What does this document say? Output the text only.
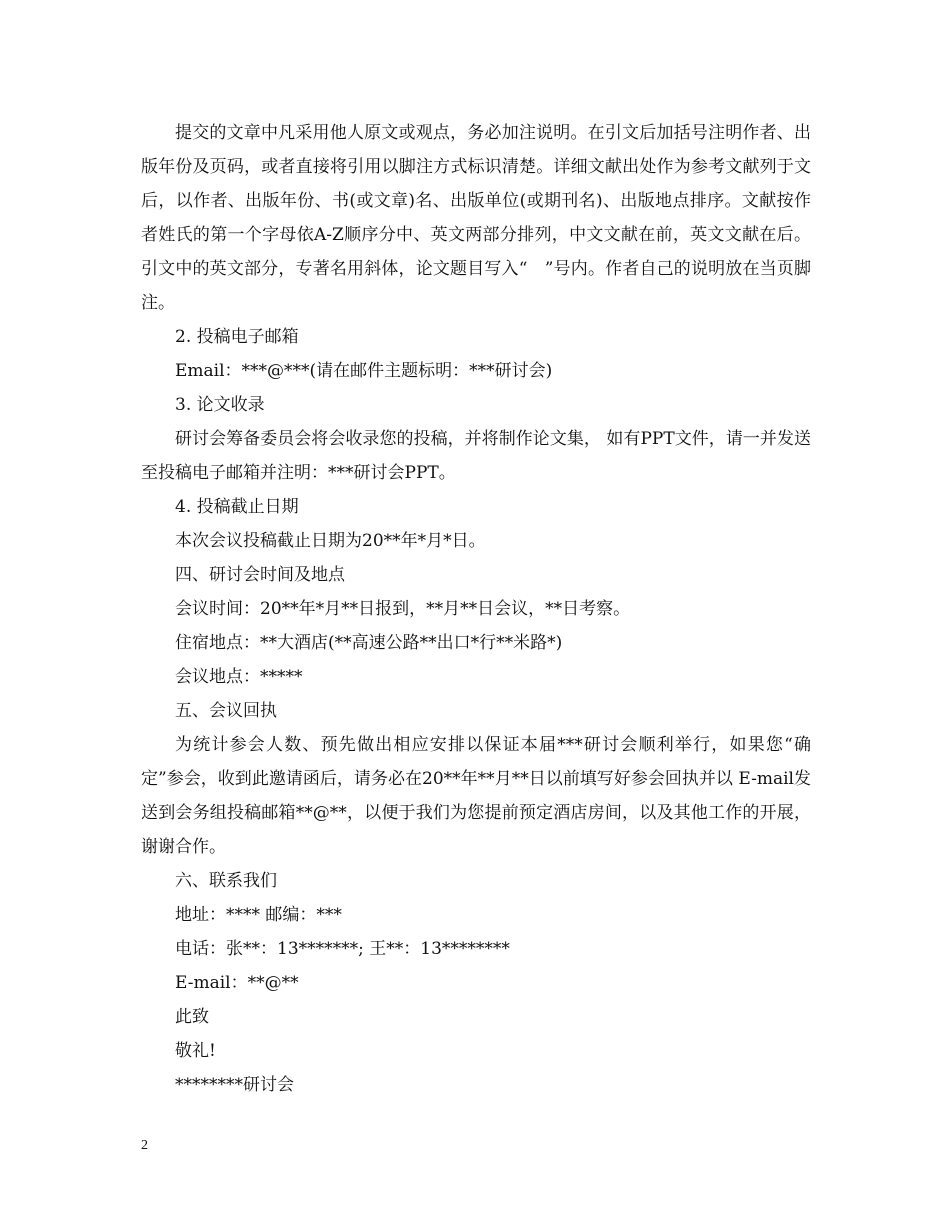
提交的文章中凡采用他人原文或观点，务必加注说明。在引文后加括号注明作者、出版年份及页码，或者直接将引用以脚注方式标识清楚。详细文献出处作为参考文献列于文后，以作者、出版年份、书(或文章)名、出版单位(或期刊名)、出版地点排序。文献按作者姓氏的第一个字母依A-Z顺序分中、英文两部分排列，中文文献在前，英文文献在后。引文中的英文部分，专著名用斜体，论文题目写入“　”号内。作者自己的说明放在当页脚注。

2. 投稿电子邮箱
Email：***@***(请在邮件主题标明：***研讨会)
3. 论文收录

研讨会筹备委员会将会收录您的投稿，并将制作论文集， 如有PPT文件，请一并发送至投稿电子邮箱并注明：***研讨会PPT。

4. 投稿截止日期
本次会议投稿截止日期为20**年*月*日。
四、研讨会时间及地点
会议时间：20**年*月**日报到，**月**日会议，**日考察。
住宿地点：**大酒店(**高速公路**出口*行**米路*)
会议地点：*****
五、会议回执

为统计参会人数、预先做出相应安排以保证本届***研讨会顺利举行，如果您“确定”参会，收到此邀请函后，请务必在20**年**月**日以前填写好参会回执并以 E-mail发送到会务组投稿邮箱**@**，以便于我们为您提前预定酒店房间，以及其他工作的开展，谢谢合作。

六、联系我们
地址：**** 邮编：***
电话：张**：13*******; 王**：13********
E-mail：**@**
此致
敬礼!
********研讨会
2
